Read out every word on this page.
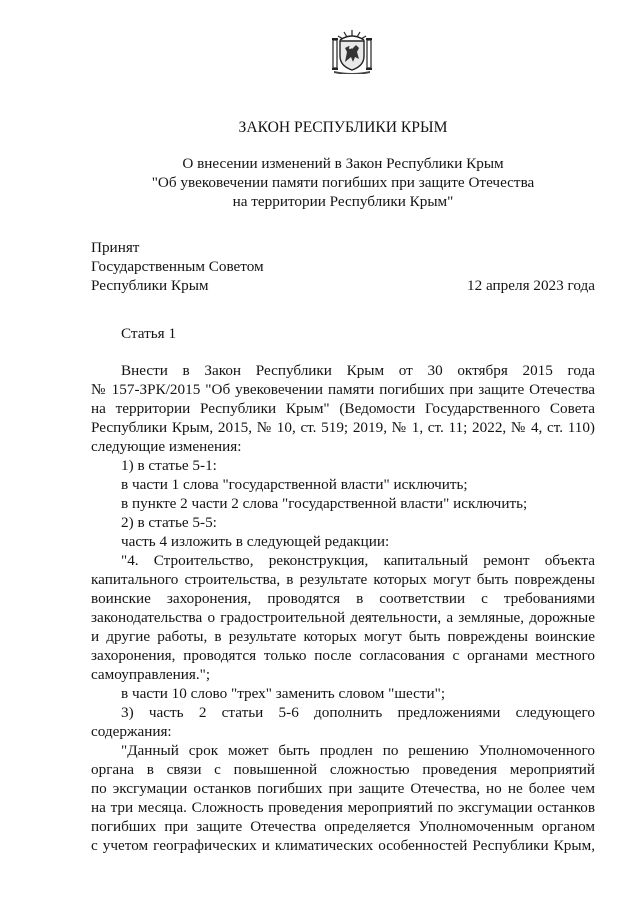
ЗАКОН РЕСПУБЛИКИ КРЫМ
О внесении изменений в Закон Республики Крым
"Об увековечении памяти погибших при защите Отечества
на территории Республики Крым"
Принят
Государственным Советом
Республики Крым	12 апреля 2023 года
Статья 1
Внести в Закон Республики Крым от 30 октября 2015 года
№ 157-ЗРК/2015 "Об увековечении памяти погибших при защите Отечества
на территории Республики Крым" (Ведомости Государственного Совета
Республики Крым, 2015, № 10, ст. 519; 2019, № 1, ст. 11; 2022, № 4, ст. 110)
следующие изменения:
1) в статье 5-1:
в части 1 слова "государственной власти" исключить;
в пункте 2 части 2 слова "государственной власти" исключить;
2) в статье 5-5:
часть 4 изложить в следующей редакции:
"4. Строительство, реконструкция, капитальный ремонт объекта
капитального строительства, в результате которых могут быть повреждены
воинские захоронения, проводятся в соответствии с требованиями
законодательства о градостроительной деятельности, а земляные, дорожные
и другие работы, в результате которых могут быть повреждены воинские
захоронения, проводятся только после согласования с органами местного
самоуправления.";
в части 10 слово "трех" заменить словом "шести";
3) часть 2 статьи 5-6 дополнить предложениями следующего
содержания:
"Данный срок может быть продлен по решению Уполномоченного
органа в связи с повышенной сложностью проведения мероприятий
по эксгумации останков погибших при защите Отечества, но не более чем
на три месяца. Сложность проведения мероприятий по эксгумации останков
погибших при защите Отечества определяется Уполномоченным органом
с учетом географических и климатических особенностей Республики Крым,
